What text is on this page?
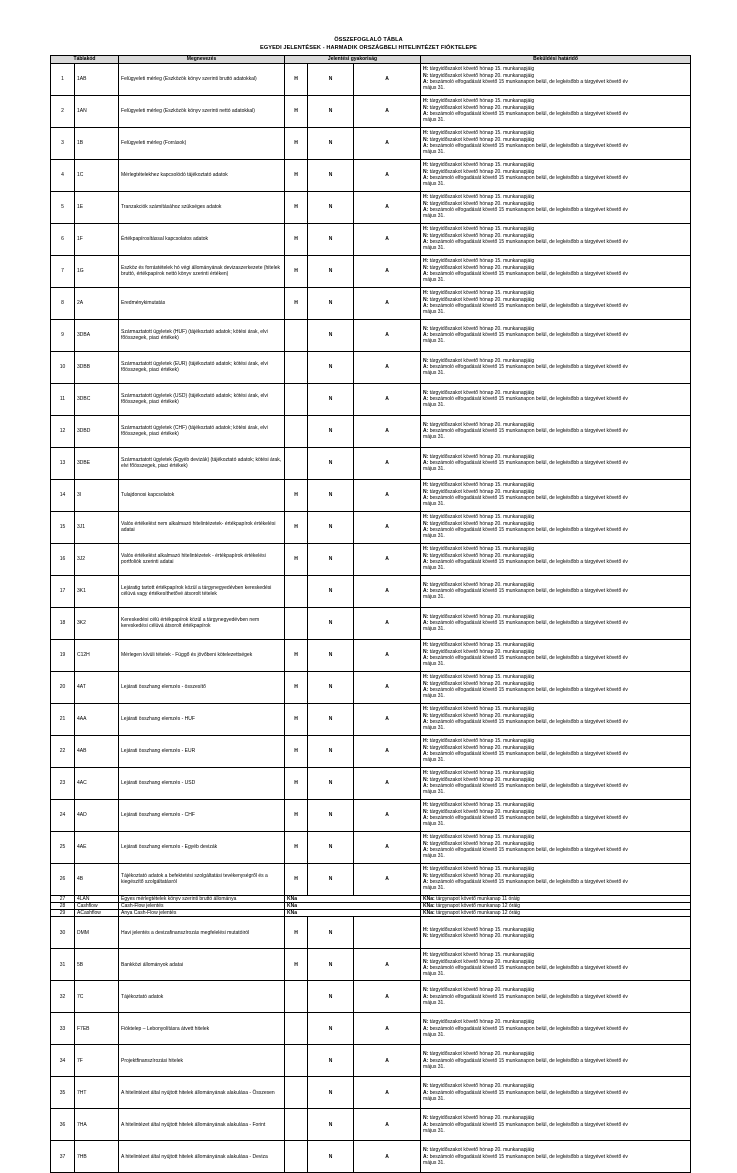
ÖSSZEFOGLALÓ TÁBLA
EGYEDI JELENTÉSEK - HARMADIK ORSZÁGBELI HITELINTÉZET FIÓKTELEPE
Táblakód		Megnevezés	Jelentési gyakoriság			Beküldési határidő
1	1AB	Felügyeleti mérleg (Eszközök könyv szerinti bruttó adatokkal)	H	N	A	H: tárgyidőszakot követő hónap 15. munkanapjáig
N: tárgyidőszakot követő hónap 20. munkanapjáig
A: beszámoló elfogadását követő 15 munkanapon belül, de legkésőbb a tárgyévet követő év
május 31.

2	1AN	Felügyeleti mérleg (Eszközök könyv szerinti nettó adatokkal)	H	N	A	H: tárgyidőszakot követő hónap 15. munkanapjáig
N: tárgyidőszakot követő hónap 20. munkanapjáig
A: beszámoló elfogadását követő 15 munkanapon belül, de legkésőbb a tárgyévet követő év
május 31.

3	1B	Felügyeleti mérleg (Források)	H	N	A	H: tárgyidőszakot követő hónap 15. munkanapjáig
N: tárgyidőszakot követő hónap 20. munkanapjáig
A: beszámoló elfogadását követő 15 munkanapon belül, de legkésőbb a tárgyévet követő év
május 31.

4	1C	Mérlegtételekhez kapcsolódó tájékoztató adatok	H	N	A	H: tárgyidőszakot követő hónap 15. munkanapjáig
N: tárgyidőszakot követő hónap 20. munkanapjáig
A: beszámoló elfogadását követő 15 munkanapon belül, de legkésőbb a tárgyévet követő év
május 31.

5	1E	Tranzakciók számításához szükséges adatok	H	N	A	H: tárgyidőszakot követő hónap 15. munkanapjáig
N: tárgyidőszakot követő hónap 20. munkanapjáig
A: beszámoló elfogadását követő 15 munkanapon belül, de legkésőbb a tárgyévet követő év
május 31.

6	1F	Értékpapírosítással kapcsolatos adatok	H	N	A	H: tárgyidőszakot követő hónap 15. munkanapjáig
N: tárgyidőszakot követő hónap 20. munkanapjáig
A: beszámoló elfogadását követő 15 munkanapon belül, de legkésőbb a tárgyévet követő év
május 31.

7	1G	Eszköz és forrástételek hó végi állományának devizaszerkezete (hitelek bruttó, értékpapírok nettó könyv szerinti értéken)	H	N	A	H: tárgyidőszakot követő hónap 15. munkanapjáig
N: tárgyidőszakot követő hónap 20. munkanapjáig
A: beszámoló elfogadását követő 15 munkanapon belül, de legkésőbb a tárgyévet követő év
május 31.

8	2A	Eredménykimutatás	H	N	A	H: tárgyidőszakot követő hónap 15. munkanapjáig
N: tárgyidőszakot követő hónap 20. munkanapjáig
A: beszámoló elfogadását követő 15 munkanapon belül, de legkésőbb a tárgyévet követő év
május 31.

9	3DBA	Származtatott ügyletek (HUF) (tájékoztató adatok; kötési árak, elvi főösszegek, piaci értékek)		N	A	N: tárgyidőszakot követő hónap 20. munkanapjáig
A: beszámoló elfogadását követő 15 munkanapon belül, de legkésőbb a tárgyévet követő év
május 31.

10	3DBB	Származtatott ügyletek (EUR) (tájékoztató adatok; kötési árak, elvi főösszegek, piaci értékek)		N	A	N: tárgyidőszakot követő hónap 20. munkanapjáig
A: beszámoló elfogadását követő 15 munkanapon belül, de legkésőbb a tárgyévet követő év
május 31.

11	3DBC	Származtatott ügyletek (USD) (tájékoztató adatok; kötési árak, elvi főösszegek, piaci értékek)		N	A	N: tárgyidőszakot követő hónap 20. munkanapjáig
A: beszámoló elfogadását követő 15 munkanapon belül, de legkésőbb a tárgyévet követő év
május 31.

12	3DBD	Származtatott ügyletek (CHF) (tájékoztató adatok; kötési árak, elvi főösszegek, piaci értékek)		N	A	N: tárgyidőszakot követő hónap 20. munkanapjáig
A: beszámoló elfogadását követő 15 munkanapon belül, de legkésőbb a tárgyévet követő év
május 31.

13	3DBE	Származtatott ügyletek (Egyéb devizák) (tájékoztató adatok; kötési árak, elvi főösszegek, piaci értékek)		N	A	N: tárgyidőszakot követő hónap 20. munkanapjáig
A: beszámoló elfogadását követő 15 munkanapon belül, de legkésőbb a tárgyévet követő év
május 31.

14	3I	Tulajdonosi kapcsolatok	H	N	A	H: tárgyidőszakot követő hónap 15. munkanapjáig
N: tárgyidőszakot követő hónap 20. munkanapjáig
A: beszámoló elfogadását követő 15 munkanapon belül, de legkésőbb a tárgyévet követő év
május 31.

15	3J1	Valós értékelést nem alkalmazó hitelintézetek- értékpapírok értékelési adatai	H	N	A	H: tárgyidőszakot követő hónap 15. munkanapjáig
N: tárgyidőszakot követő hónap 20. munkanapjáig
A: beszámoló elfogadását követő 15 munkanapon belül, de legkésőbb a tárgyévet követő év
május 31.

16	3J2	Valós értékelést alkalmazó hitelintézetek - értékpapírok értékelési portfoliók szerinti adatai	H	N	A	H: tárgyidőszakot követő hónap 15. munkanapjáig
N: tárgyidőszakot követő hónap 20. munkanapjáig
A: beszámoló elfogadását követő 15 munkanapon belül, de legkésőbb a tárgyévet követő év
május 31.

17	3K1	Lejáratig tartott értékpapírok közül a tárgynegyedévben kereskedési célúvá vagy értékesíthetővé átsorolt tételek		N	A	N: tárgyidőszakot követő hónap 20. munkanapjáig
A: beszámoló elfogadását követő 15 munkanapon belül, de legkésőbb a tárgyévet követő év
május 31.

18	3K2	Kereskedési célú értékpapírok közül a tárgynegyedévben nem kereskedési célúvá átsorolt értékpapírok		N	A	N: tárgyidőszakot követő hónap 20. munkanapjáig
A: beszámoló elfogadását követő 15 munkanapon belül, de legkésőbb a tárgyévet követő év
május 31.

19	C12H	Mérlegen kívüli tételek - Függő és jövőbeni kötelezettségek	H	N	A	H: tárgyidőszakot követő hónap 15. munkanapjáig
N: tárgyidőszakot követő hónap 20. munkanapjáig
A: beszámoló elfogadását követő 15 munkanapon belül, de legkésőbb a tárgyévet követő év
május 31.

20	4AT	Lejárati összhang elemzés - összesítő	H	N	A	H: tárgyidőszakot követő hónap 15. munkanapjáig
N: tárgyidőszakot követő hónap 20. munkanapjáig
A: beszámoló elfogadását követő 15 munkanapon belül, de legkésőbb a tárgyévet követő év
május 31.

21	4AA	Lejárati összhang elemzés - HUF	H	N	A	H: tárgyidőszakot követő hónap 15. munkanapjáig
N: tárgyidőszakot követő hónap 20. munkanapjáig
A: beszámoló elfogadását követő 15 munkanapon belül, de legkésőbb a tárgyévet követő év
május 31.

22	4AB	Lejárati összhang elemzés - EUR	H	N	A	H: tárgyidőszakot követő hónap 15. munkanapjáig
N: tárgyidőszakot követő hónap 20. munkanapjáig
A: beszámoló elfogadását követő 15 munkanapon belül, de legkésőbb a tárgyévet követő év
május 31.

23	4AC	Lejárati összhang elemzés - USD	H	N	A	H: tárgyidőszakot követő hónap 15. munkanapjáig
N: tárgyidőszakot követő hónap 20. munkanapjáig
A: beszámoló elfogadását követő 15 munkanapon belül, de legkésőbb a tárgyévet követő év
május 31.

24	4AD	Lejárati összhang elemzés - CHF	H	N	A	H: tárgyidőszakot követő hónap 15. munkanapjáig
N: tárgyidőszakot követő hónap 20. munkanapjáig
A: beszámoló elfogadását követő 15 munkanapon belül, de legkésőbb a tárgyévet követő év
május 31.

25	4AE	Lejárati összhang elemzés - Egyéb devizák	H	N	A	H: tárgyidőszakot követő hónap 15. munkanapjáig
N: tárgyidőszakot követő hónap 20. munkanapjáig
A: beszámoló elfogadását követő 15 munkanapon belül, de legkésőbb a tárgyévet követő év
május 31.

26	4B	Tájékoztató adatok a befektetési szolgáltatási tevékenységről és a kiegészítő szolgáltatásról	H	N	A	H: tárgyidőszakot követő hónap 15. munkanapjáig
N: tárgyidőszakot követő hónap 20. munkanapjáig
A: beszámoló elfogadását követő 15 munkanapon belül, de legkésőbb a tárgyévet követő év
május 31.

27	4LAN	Egyes mérlegtételek könyv szerinti bruttó állománya	KNa			KNa: tárgynapot követő munkanap 11 óráig

28	Cashflow	Cash-Flow jelentés	KNa			KNa: tárgynapot követő munkanap 12 óráig

29	ACashflow	Anya Cash-Flow jelentés	KNa			KNa: tárgynapot követő munkanap 12 óráig

30	DMM	Havi jelentés a devizafinanszírozás megfelelési mutatóiról	H	N		H: tárgyidőszakot követő hónap 15. munkanapjáig
N: tárgyidőszakot követő hónap 20. munkanapjáig

31	5B	Bankközi állományok adatai	H	N	A	H: tárgyidőszakot követő hónap 15. munkanapjáig
N: tárgyidőszakot követő hónap 20. munkanapjáig
A: beszámoló elfogadását követő 15 munkanapon belül, de legkésőbb a tárgyévet követő év
május 31.

32	7C	Tájékoztató adatok		N	A	N: tárgyidőszakot követő hónap 20. munkanapjáig
A: beszámoló elfogadását követő 15 munkanapon belül, de legkésőbb a tárgyévet követő év
május 31.

33	F7EB	Fióktelep – Lebonyolításra átvett hitelek		N	A	N: tárgyidőszakot követő hónap 20. munkanapjáig
A: beszámoló elfogadását követő 15 munkanapon belül, de legkésőbb a tárgyévet követő év
május 31.

34	7F	Projektfinanszírozási hitelek		N	A	N: tárgyidőszakot követő hónap 20. munkanapjáig
A: beszámoló elfogadását követő 15 munkanapon belül, de legkésőbb a tárgyévet követő év
május 31.

35	7HT	A hitelintézet által nyújtott hitelek állományának alakulása - Összesen		N	A	N: tárgyidőszakot követő hónap 20. munkanapjáig
A: beszámoló elfogadását követő 15 munkanapon belül, de legkésőbb a tárgyévet követő év
május 31.

36	7HA	A hitelintézet által nyújtott hitelek állományának alakulása - Forint		N	A	N: tárgyidőszakot követő hónap 20. munkanapjáig
A: beszámoló elfogadását követő 15 munkanapon belül, de legkésőbb a tárgyévet követő év
május 31.

37	7HB	A hitelintézet által nyújtott hitelek állományának alakulása - Deviza		N	A	N: tárgyidőszakot követő hónap 20. munkanapjáig
A: beszámoló elfogadását követő 15 munkanapon belül, de legkésőbb a tárgyévet követő év
május 31.
